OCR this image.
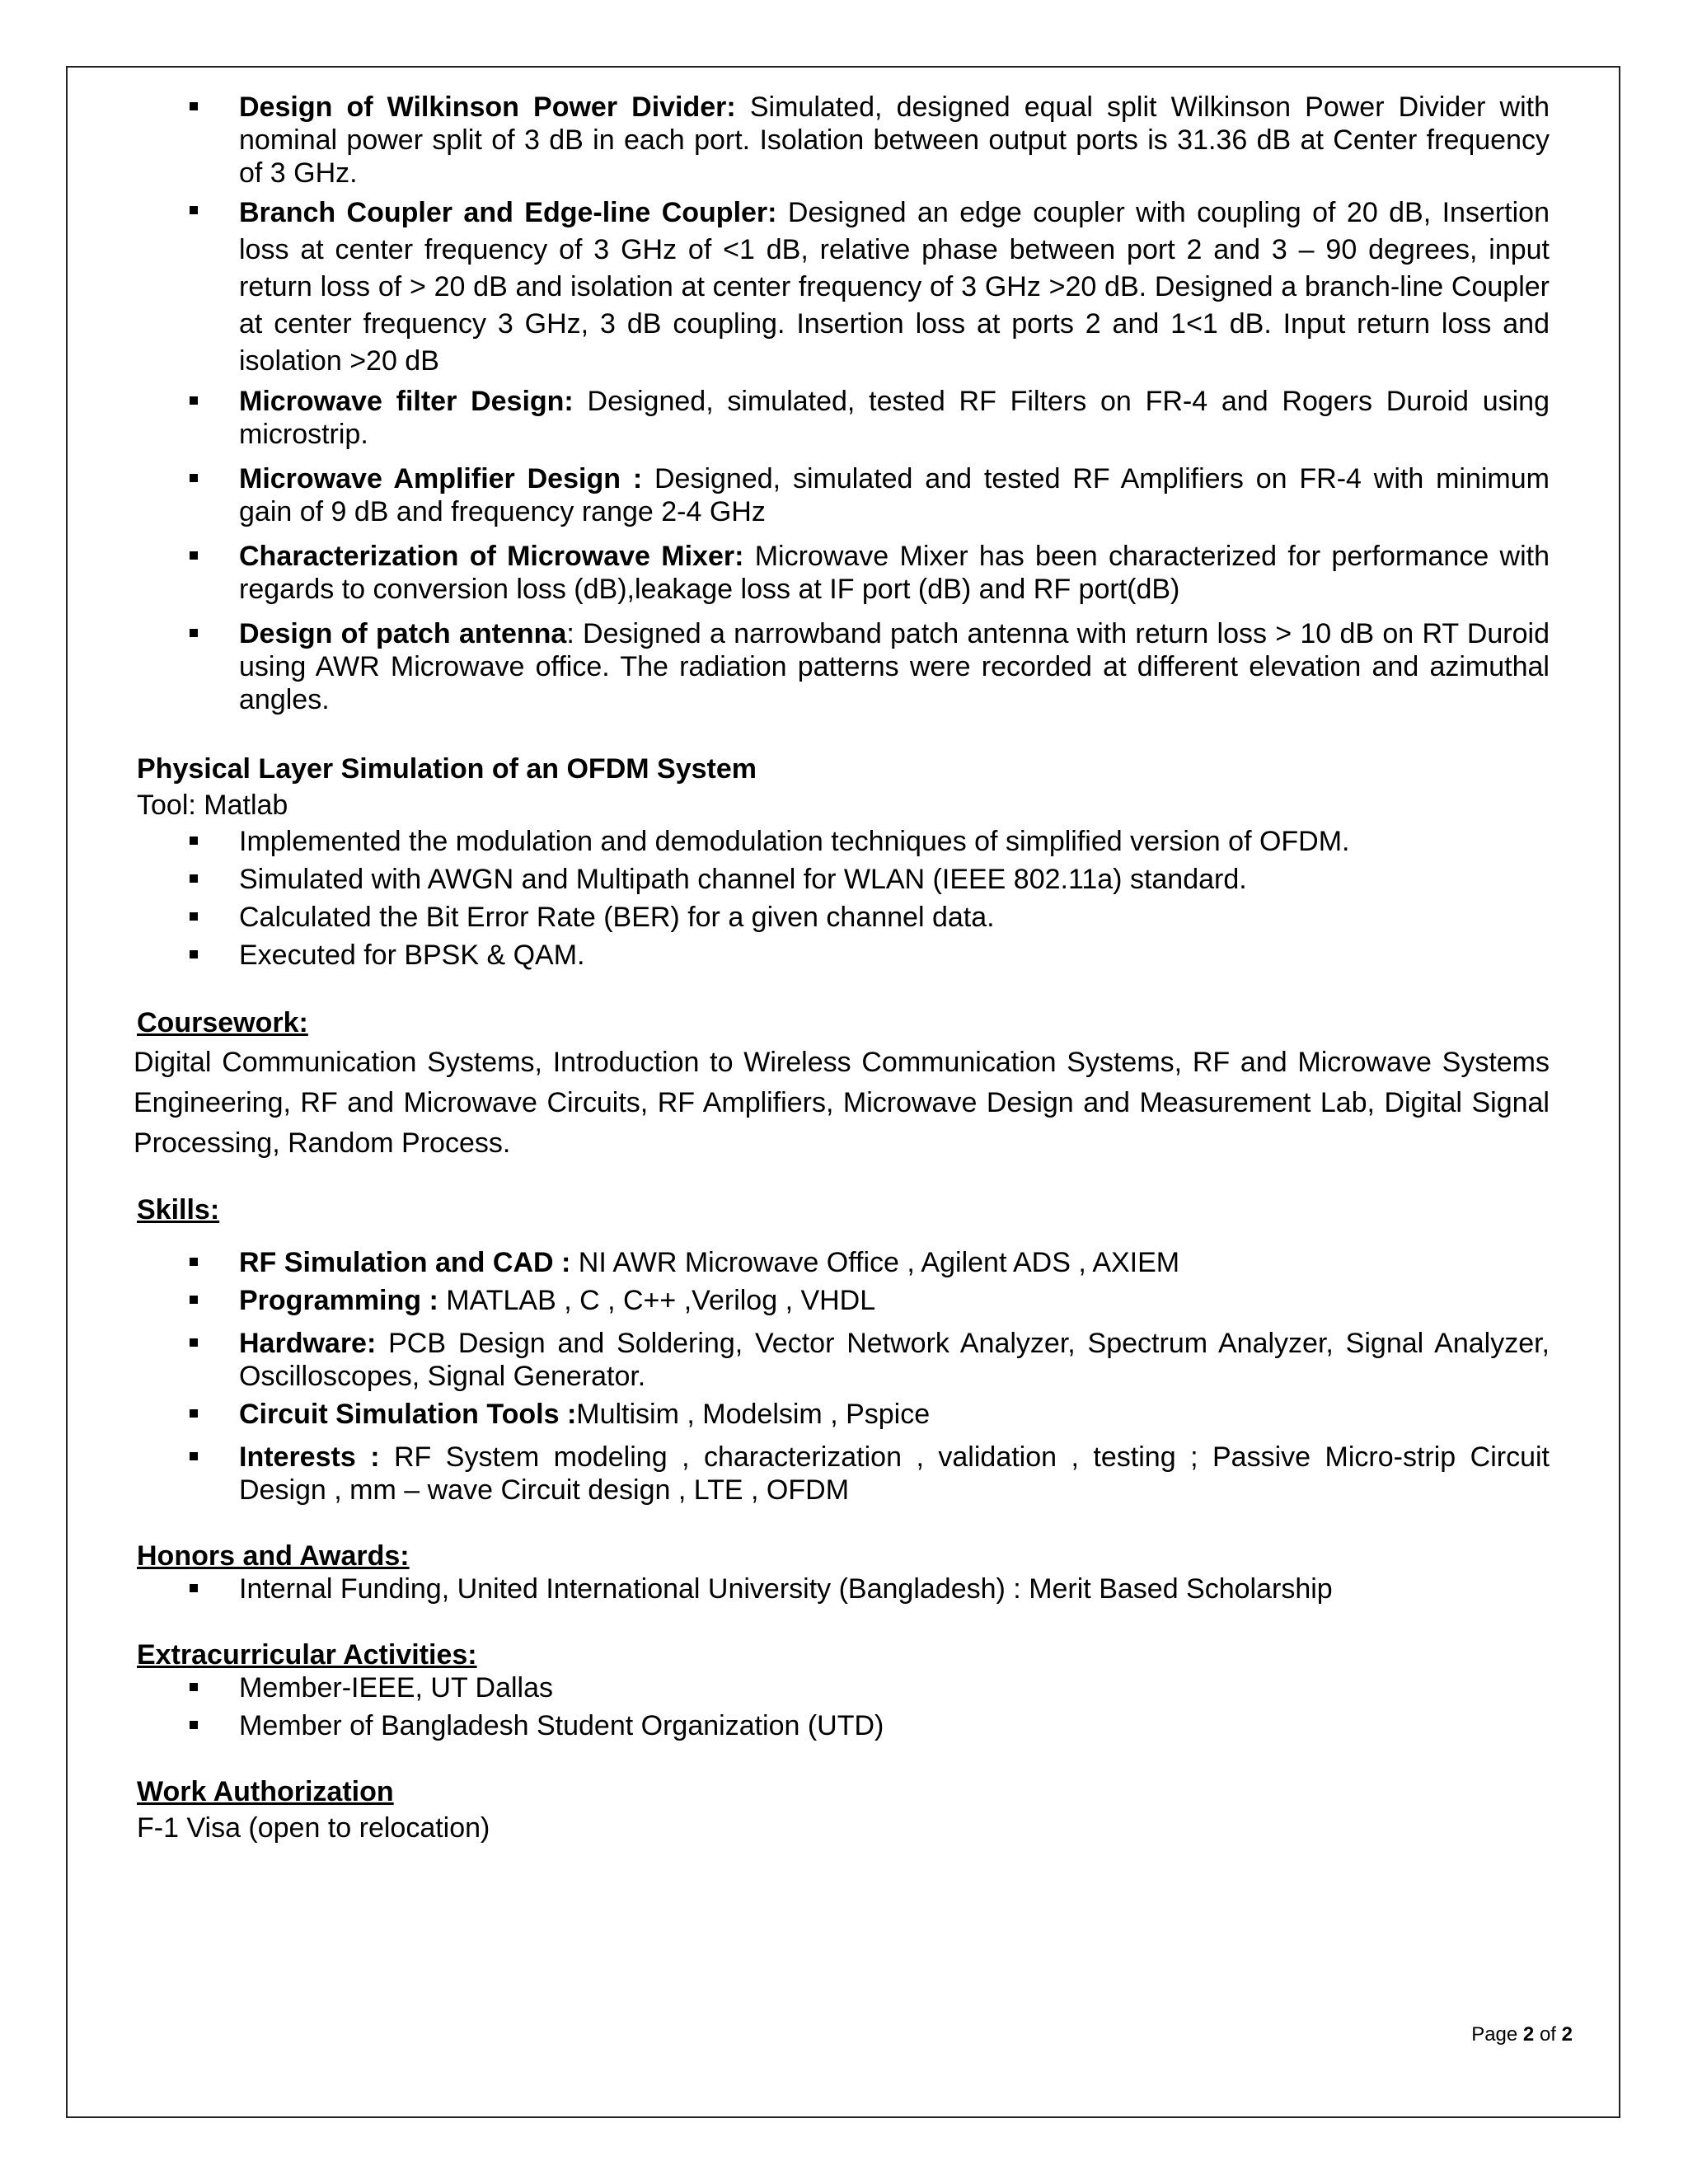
Design of Wilkinson Power Divider: Simulated, designed equal split Wilkinson Power Divider with nominal power split of 3 dB in each port. Isolation between output ports is 31.36 dB at Center frequency of 3 GHz.
Branch Coupler and Edge-line Coupler: Designed an edge coupler with coupling of 20 dB, Insertion loss at center frequency of 3 GHz of <1 dB, relative phase between port 2 and 3 – 90 degrees, input return loss of > 20 dB and isolation at center frequency of 3 GHz >20 dB. Designed a branch-line Coupler at center frequency 3 GHz, 3 dB coupling. Insertion loss at ports 2 and 1<1 dB. Input return loss and isolation >20 dB
Microwave filter Design: Designed, simulated, tested RF Filters on FR-4 and Rogers Duroid using microstrip.
Microwave Amplifier Design : Designed, simulated and tested RF Amplifiers on FR-4 with minimum gain of 9 dB and frequency range 2-4 GHz
Characterization of Microwave Mixer: Microwave Mixer has been characterized for performance with regards to conversion loss (dB),leakage loss at IF port (dB) and RF port(dB)
Design of patch antenna: Designed a narrowband patch antenna with return loss > 10 dB on RT Duroid using AWR Microwave office. The radiation patterns were recorded at different elevation and azimuthal angles.
Physical Layer Simulation of an OFDM System
Tool: Matlab
Implemented the modulation and demodulation techniques of simplified version of OFDM.
Simulated with AWGN and Multipath channel for WLAN (IEEE 802.11a) standard.
Calculated the Bit Error Rate (BER) for a given channel data.
Executed for BPSK & QAM.
Coursework:
Digital Communication Systems, Introduction to Wireless Communication Systems, RF and Microwave Systems Engineering, RF and Microwave Circuits, RF Amplifiers, Microwave Design and Measurement Lab, Digital Signal Processing, Random Process.
Skills:
RF Simulation and CAD : NI AWR Microwave Office , Agilent ADS , AXIEM
Programming : MATLAB , C , C++ ,Verilog , VHDL
Hardware: PCB Design and Soldering, Vector Network Analyzer, Spectrum Analyzer, Signal Analyzer, Oscilloscopes, Signal Generator.
Circuit Simulation Tools :Multisim , Modelsim , Pspice
Interests : RF System modeling , characterization , validation , testing ; Passive Micro-strip Circuit Design , mm – wave Circuit design , LTE , OFDM
Honors and Awards:
Internal Funding, United International University (Bangladesh) : Merit Based Scholarship
Extracurricular Activities:
Member-IEEE, UT Dallas
Member of Bangladesh Student Organization (UTD)
Work Authorization
F-1 Visa (open to relocation)
Page 2 of 2
